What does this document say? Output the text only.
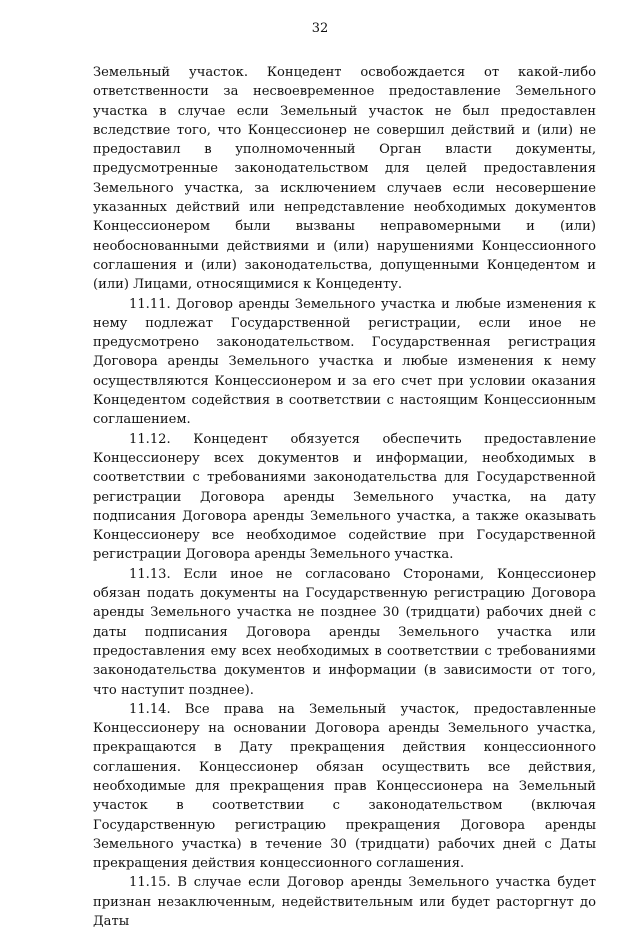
32

Земельный участок. Концедент освобождается от какой-либо ответственности за несвоевременное предоставление Земельного участка в случае если Земельный участок не был предоставлен вследствие того, что Концессионер не совершил действий и (или) не предоставил в уполномоченный Орган власти документы, предусмотренные законодательством для целей предоставления Земельного участка, за исключением случаев если несовершение указанных действий или непредставление необходимых документов Концессионером были вызваны неправомерными и (или) необоснованными действиями и (или) нарушениями Концессионного соглашения и (или) законодательства, допущенными Концедентом и (или) Лицами, относящимися к Концеденту.

11.11. Договор аренды Земельного участка и любые изменения к нему подлежат Государственной регистрации, если иное не предусмотрено законодательством. Государственная регистрация Договора аренды Земельного участка и любые изменения к нему осуществляются Концессионером и за его счет при условии оказания Концедентом содействия в соответствии с настоящим Концессионным соглашением.

11.12. Концедент обязуется обеспечить предоставление Концессионеру всех документов и информации, необходимых в соответствии с требованиями законодательства для Государственной регистрации Договора аренды Земельного участка, на дату подписания Договора аренды Земельного участка, а также оказывать Концессионеру все необходимое содействие при Государственной регистрации Договора аренды Земельного участка.

11.13. Если иное не согласовано Сторонами, Концессионер обязан подать документы на Государственную регистрацию Договора аренды Земельного участка не позднее 30 (тридцати) рабочих дней с даты подписания Договора аренды Земельного участка или предоставления ему всех необходимых в соответствии с требованиями законодательства документов и информации (в зависимости от того, что наступит позднее).

11.14. Все права на Земельный участок, предоставленные Концессионеру на основании Договора аренды Земельного участка, прекращаются в Дату прекращения действия концессионного соглашения. Концессионер обязан осуществить все действия, необходимые для прекращения прав Концессионера на Земельный участок в соответствии с законодательством (включая Государственную регистрацию прекращения Договора аренды Земельного участка) в течение 30 (тридцати) рабочих дней с Даты прекращения действия концессионного соглашения.

11.15. В случае если Договор аренды Земельного участка будет признан незаключенным, недействительным или будет расторгнут до Даты
